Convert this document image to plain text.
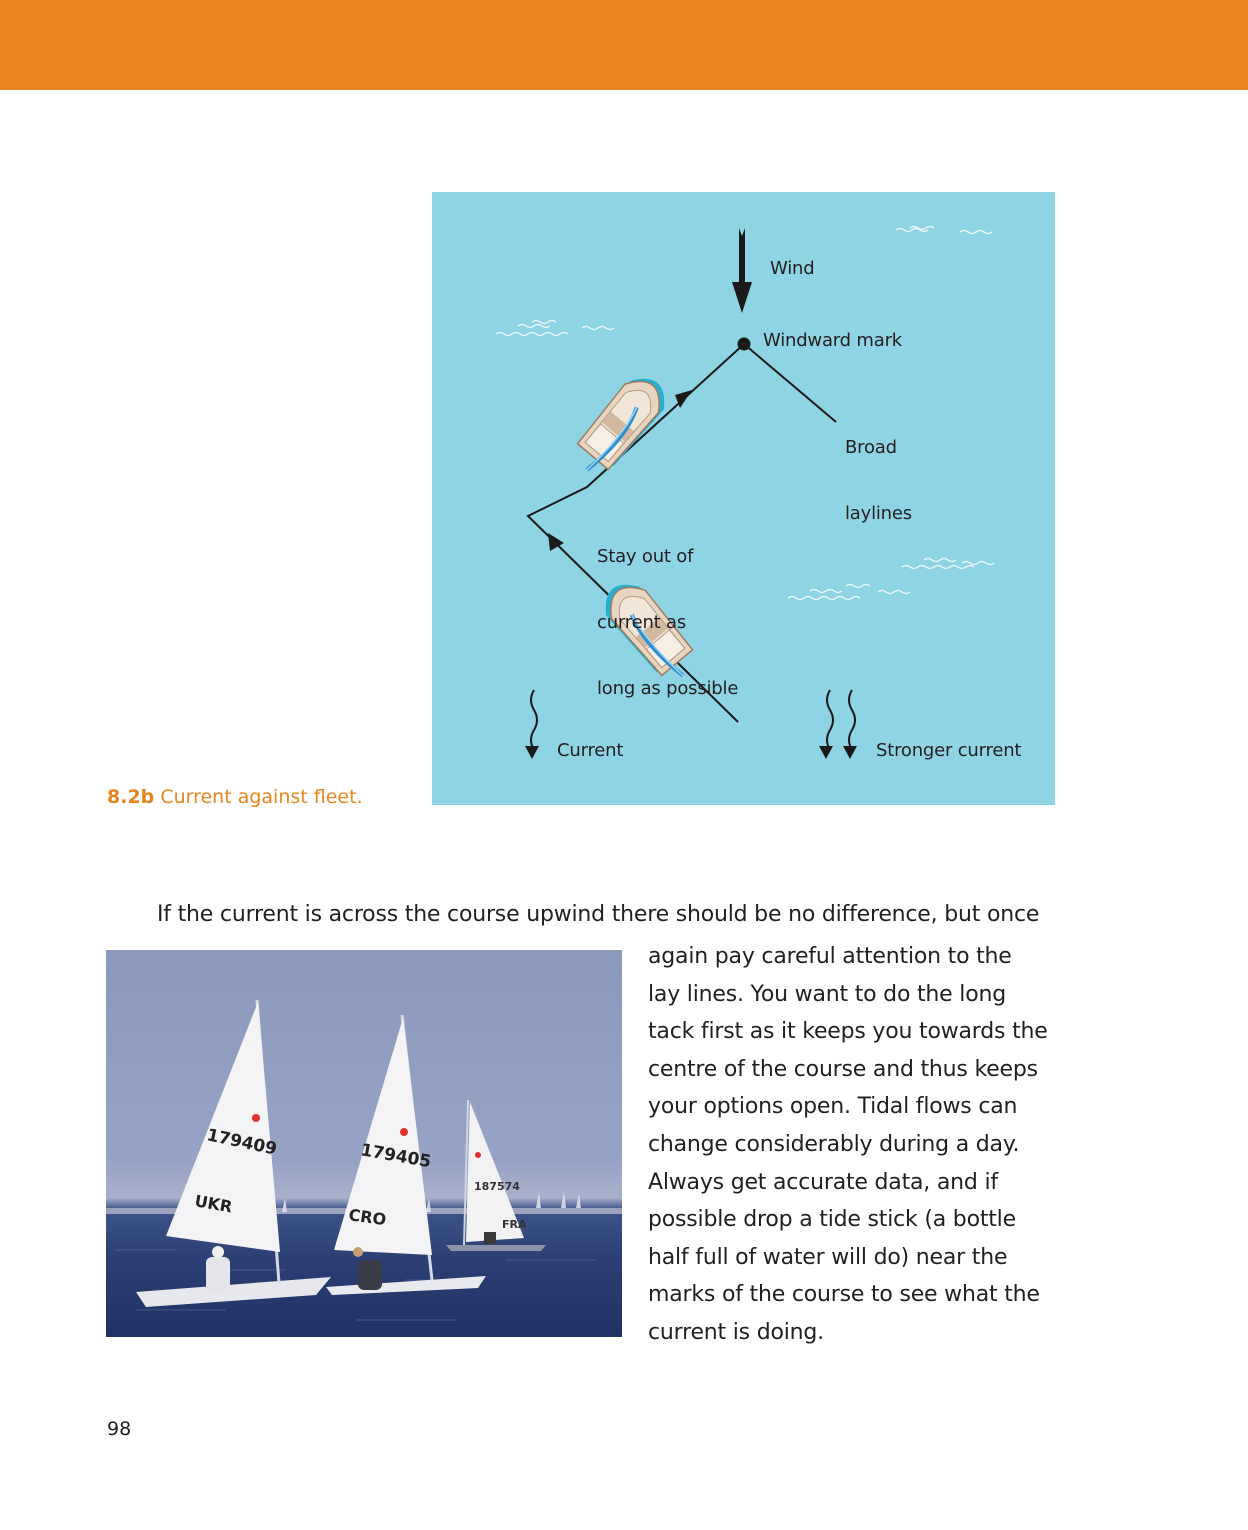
Wind
Windward mark

Broad

laylines

Stay out of

current as

long as possible

Current	Stronger current
8.2b Current against fleet.
If the current is across the course upwind there should be no difference, but once
187574
FRA
179409
UKR
179405
CRO
again pay careful attention to the
lay lines. You want to do the long
tack first as it keeps you towards the
centre of the course and thus keeps
your options open. Tidal flows can
change considerably during a day.
Always get accurate data, and if
possible drop a tide stick (a bottle
half full of water will do) near the
marks of the course to see what the
current is doing.
98
